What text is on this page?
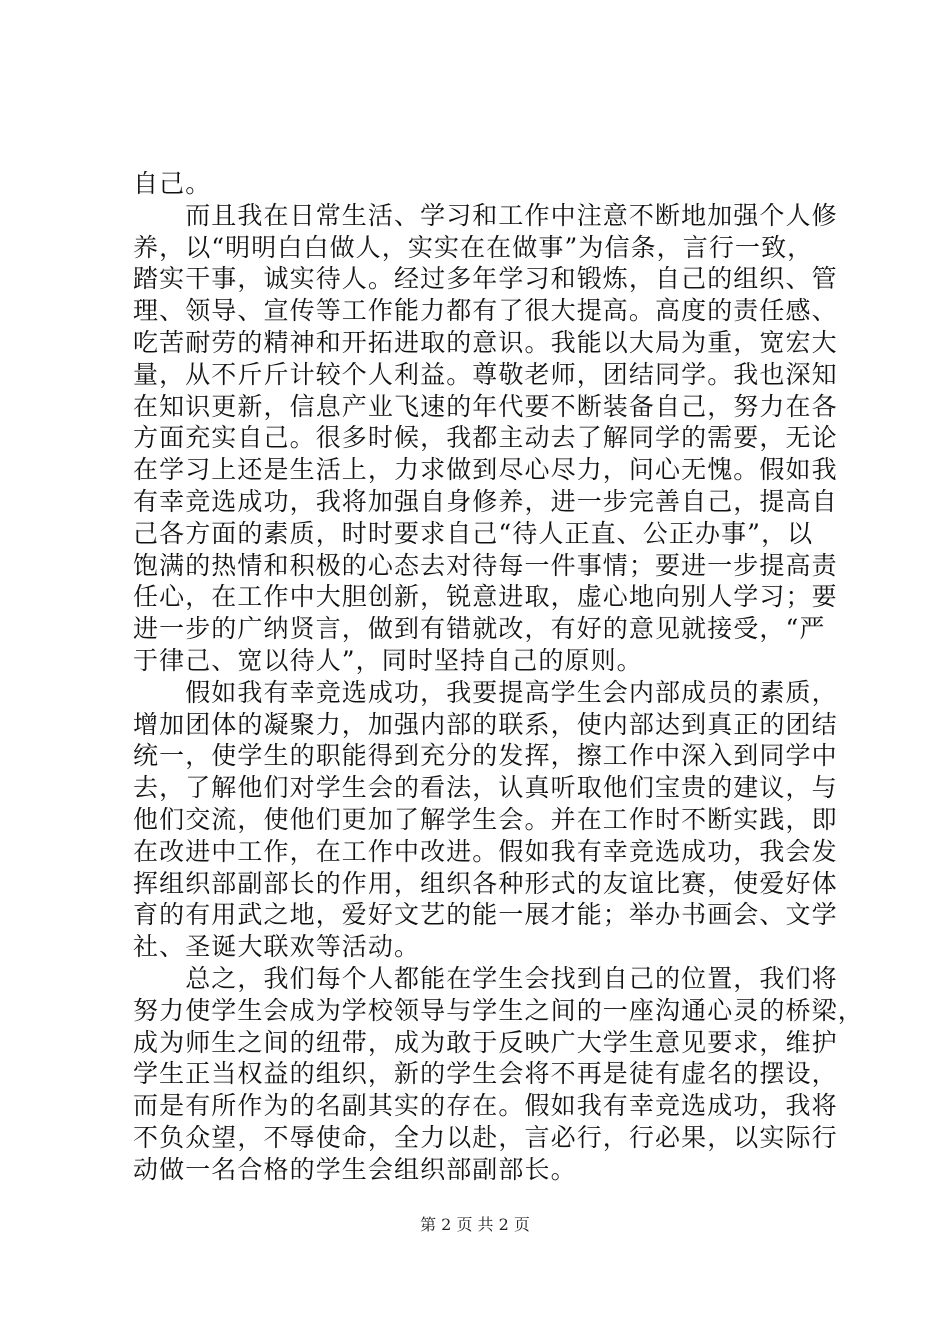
自己。
　　而且我在日常生活、学习和工作中注意不断地加强个人修
养，以“明明白白做人，实实在在做事”为信条，言行一致，
踏实干事，诚实待人。经过多年学习和锻炼，自己的组织、管
理、领导、宣传等工作能力都有了很大提高。高度的责任感、
吃苦耐劳的精神和开拓进取的意识。我能以大局为重，宽宏大
量，从不斤斤计较个人利益。尊敬老师，团结同学。我也深知
在知识更新，信息产业飞速的年代要不断装备自己，努力在各
方面充实自己。很多时候，我都主动去了解同学的需要，无论
在学习上还是生活上，力求做到尽心尽力，问心无愧。假如我
有幸竞选成功，我将加强自身修养，进一步完善自己，提高自
己各方面的素质，时时要求自己“待人正直、公正办事”，以
饱满的热情和积极的心态去对待每一件事情；要进一步提高责
任心，在工作中大胆创新，锐意进取，虚心地向别人学习；要
进一步的广纳贤言，做到有错就改，有好的意见就接受，“严
于律己、宽以待人”，同时坚持自己的原则。
　　假如我有幸竞选成功，我要提高学生会内部成员的素质，
增加团体的凝聚力，加强内部的联系，使内部达到真正的团结
统一，使学生的职能得到充分的发挥，擦工作中深入到同学中
去，了解他们对学生会的看法，认真听取他们宝贵的建议，与
他们交流，使他们更加了解学生会。并在工作时不断实践，即
在改进中工作，在工作中改进。假如我有幸竞选成功，我会发
挥组织部副部长的作用，组织各种形式的友谊比赛，使爱好体
育的有用武之地，爱好文艺的能一展才能；举办书画会、文学
社、圣诞大联欢等活动。
　　总之，我们每个人都能在学生会找到自己的位置，我们将
努力使学生会成为学校领导与学生之间的一座沟通心灵的桥梁，
成为师生之间的纽带，成为敢于反映广大学生意见要求，维护
学生正当权益的组织，新的学生会将不再是徒有虚名的摆设，
而是有所作为的名副其实的存在。假如我有幸竞选成功，我将
不负众望，不辱使命，全力以赴，言必行，行必果，以实际行
动做一名合格的学生会组织部副部长。
第 2 页 共 2 页
